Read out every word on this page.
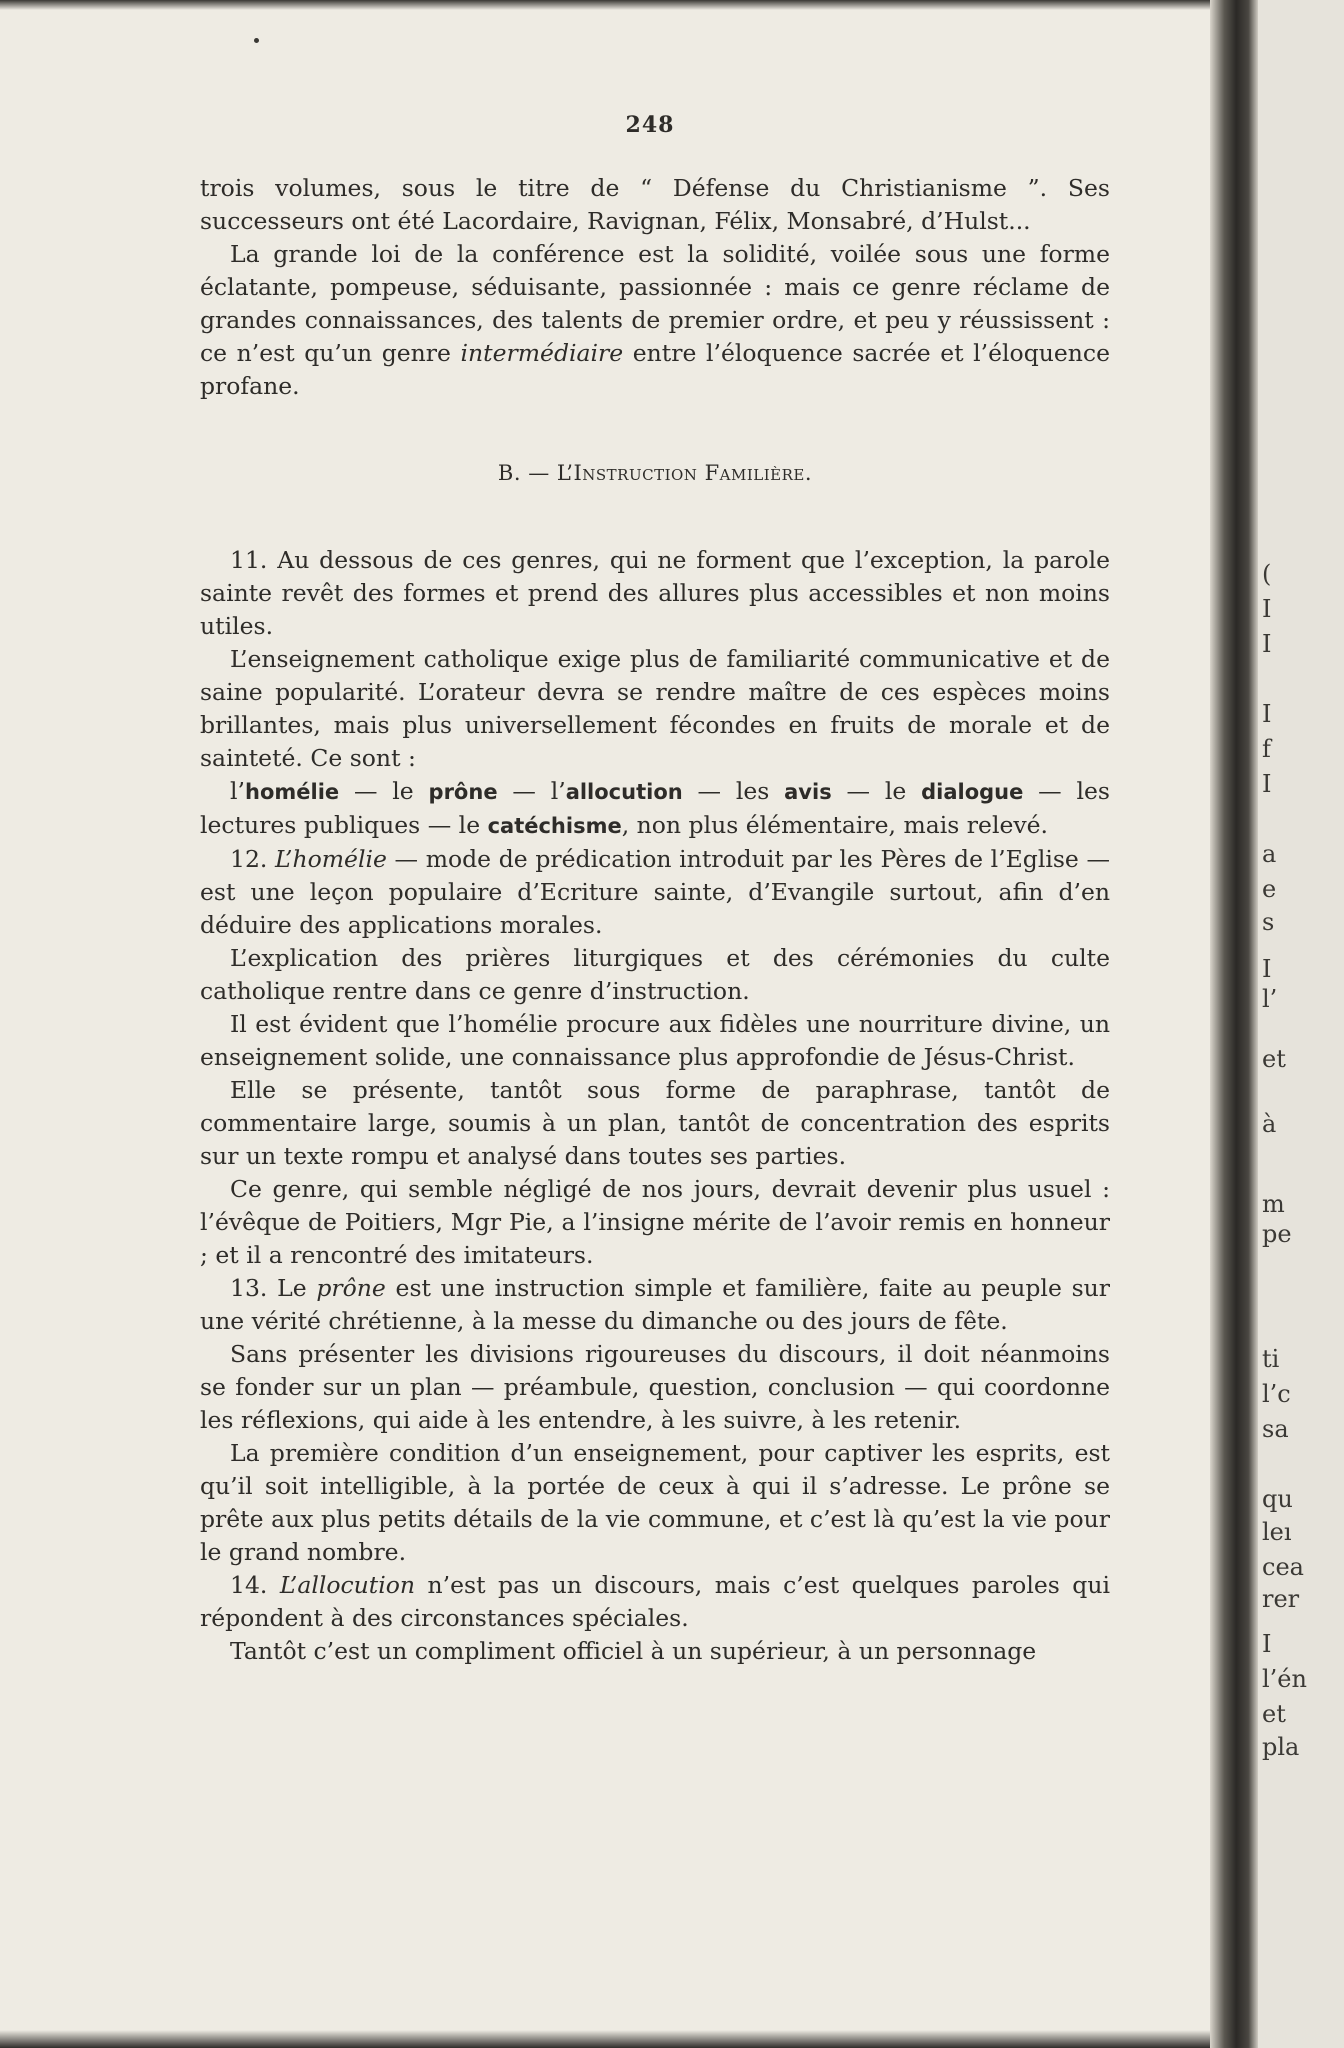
248

trois volumes, sous le titre de “ Défense du Christianisme ”. Ses successeurs ont été Lacordaire, Ravignan, Félix, Monsabré, d’Hulst...

La grande loi de la conférence est la solidité, voilée sous une forme éclatante, pompeuse, séduisante, passionnée : mais ce genre réclame de grandes connaissances, des talents de premier ordre, et peu y réussissent : ce n’est qu’un genre intermédiaire entre l’éloquence sacrée et l’éloquence profane.

B. — L’Instruction Familière.

11. Au dessous de ces genres, qui ne forment que l’exception, la parole sainte revêt des formes et prend des allures plus accessibles et non moins utiles.

L’enseignement catholique exige plus de familiarité communicative et de saine popularité. L’orateur devra se rendre maître de ces espèces moins brillantes, mais plus universellement fécondes en fruits de morale et de sainteté. Ce sont :

l’homélie — le prône — l’allocution — les avis — le dialogue — les lectures publiques — le catéchisme, non plus élémentaire, mais relevé.

12. L’homélie — mode de prédication introduit par les Pères de l’Eglise — est une leçon populaire d’Ecriture sainte, d’Evangile surtout, afin d’en déduire des applications morales.

L’explication des prières liturgiques et des cérémonies du culte catholique rentre dans ce genre d’instruction.

Il est évident que l’homélie procure aux fidèles une nourriture divine, un enseignement solide, une connaissance plus approfondie de Jésus-Christ.

Elle se présente, tantôt sous forme de paraphrase, tantôt de commentaire large, soumis à un plan, tantôt de concentration des esprits sur un texte rompu et analysé dans toutes ses parties.

Ce genre, qui semble négligé de nos jours, devrait devenir plus usuel : l’évêque de Poitiers, Mgr Pie, a l’insigne mérite de l’avoir remis en honneur ; et il a rencontré des imitateurs.

13. Le prône est une instruction simple et familière, faite au peuple sur une vérité chrétienne, à la messe du dimanche ou des jours de fête.

Sans présenter les divisions rigoureuses du discours, il doit néanmoins se fonder sur un plan — préambule, question, conclusion — qui coordonne les réflexions, qui aide à les entendre, à les suivre, à les retenir.

La première condition d’un enseignement, pour captiver les esprits, est qu’il soit intelligible, à la portée de ceux à qui il s’adresse. Le prône se prête aux plus petits détails de la vie commune, et c’est là qu’est la vie pour le grand nombre.

14. L’allocution n’est pas un discours, mais c’est quelques paroles qui répondent à des circonstances spéciales.

Tantôt c’est un compliment officiel à un supérieur, à un personnage

(
I
I
I
f
I
a
e
s
I
l’
et
à
m
pe
ti
l’c
sa
qu
leı
cea
rer
I
l’én
et
pla
